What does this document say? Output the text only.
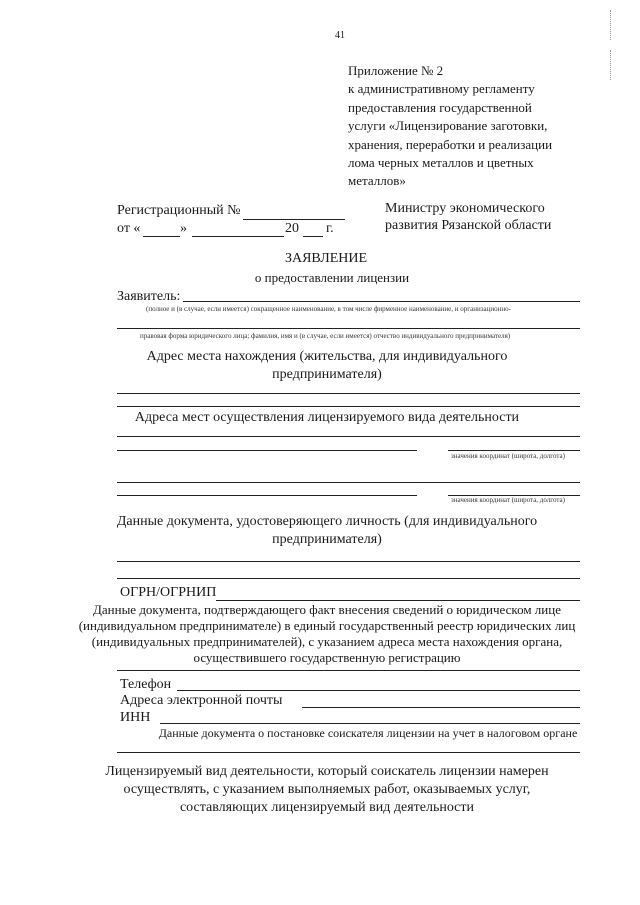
41
Приложение № 2
к административному регламенту
предоставления государственной
услуги «Лицензирование заготовки,
хранения, переработки и реализации
лома черных металлов и цветных
металлов»
Регистрационный №
от «	»	20 г.
Министру экономического
развития Рязанской области
ЗАЯВЛЕНИЕ
о предоставлении лицензии
Заявитель:
(полное и (в случае, если имеется) сокращенное наименование, в том числе фирменное наименование, и организационно-
правовая форма юридического лица; фамилия, имя и (в случае, если имеется) отчество индивидуального предпринимателя)
Адрес места нахождения (жительства, для индивидуального
предпринимателя)
Адреса мест осуществления лицензируемого вида деятельности
значения координат (широта, долгота)
значения координат (широта, долгота)
Данные документа, удостоверяющего личность (для индивидуального
предпринимателя)
ОГРН/ОГРНИП
Данные документа, подтверждающего факт внесения сведений о юридическом лице
(индивидуальном предпринимателе) в единый государственный реестр юридических лиц
(индивидуальных предпринимателей), с указанием адреса места нахождения органа,
осуществившего государственную регистрацию
Телефон
Адреса электронной почты
ИНН
Данные документа о постановке соискателя лицензии на учет в налоговом органе
Лицензируемый вид деятельности, который соискатель лицензии намерен
осуществлять, с указанием выполняемых работ, оказываемых услуг,
составляющих лицензируемый вид деятельности
